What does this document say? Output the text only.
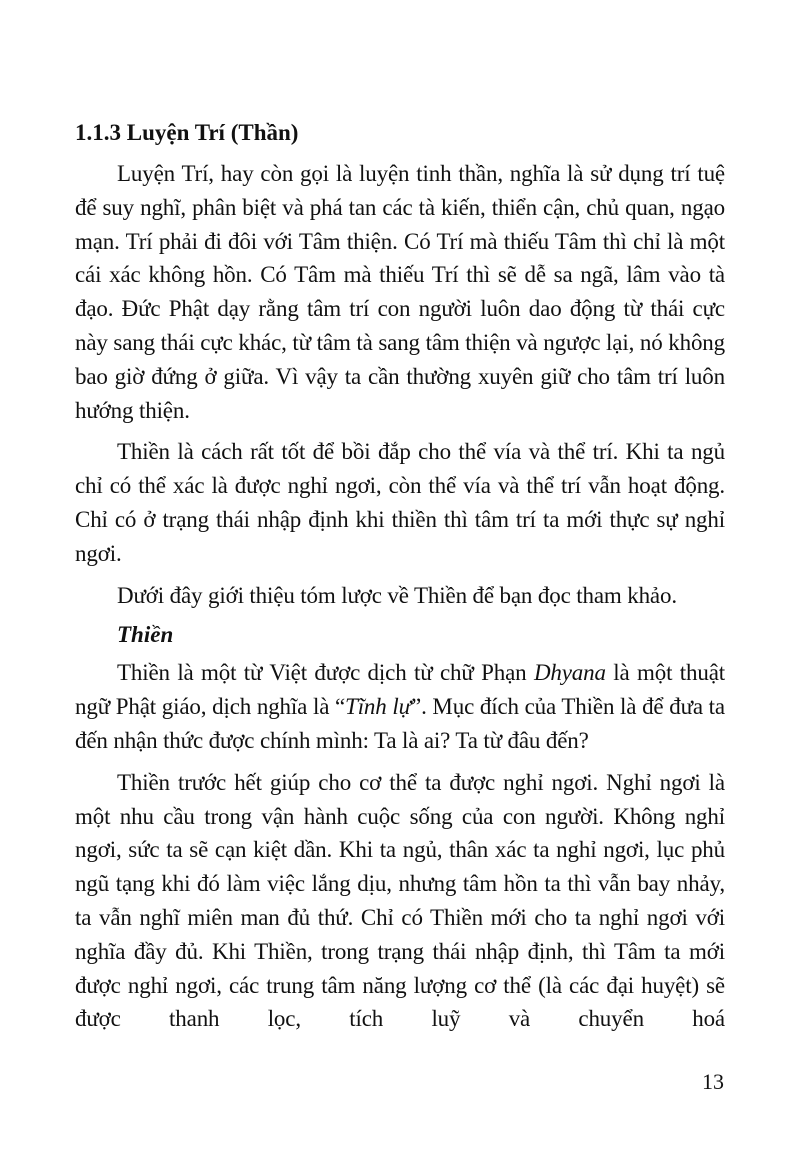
1.1.3 Luyện Trí (Thần)

Luyện Trí, hay còn gọi là luyện tinh thần, nghĩa là sử dụng trí tuệ để suy nghĩ, phân biệt và phá tan các tà kiến, thiển cận, chủ quan, ngạo mạn. Trí phải đi đôi với Tâm thiện. Có Trí mà thiếu Tâm thì chỉ là một cái xác không hồn. Có Tâm mà thiếu Trí thì sẽ dễ sa ngã, lâm vào tà đạo. Đức Phật dạy rằng tâm trí con người luôn dao động từ thái cực này sang thái cực khác, từ tâm tà sang tâm thiện và ngược lại, nó không bao giờ đứng ở giữa. Vì vậy ta cần thường xuyên giữ cho tâm trí luôn hướng thiện.

Thiền là cách rất tốt để bồi đắp cho thể vía và thể trí. Khi ta ngủ chỉ có thể xác là được nghỉ ngơi, còn thể vía và thể trí vẫn hoạt động. Chỉ có ở trạng thái nhập định khi thiền thì tâm trí ta mới thực sự nghỉ ngơi.

Dưới đây giới thiệu tóm lược về Thiền để bạn đọc tham khảo.

Thiền

Thiền là một từ Việt được dịch từ chữ Phạn Dhyana là một thuật ngữ Phật giáo, dịch nghĩa là “Tĩnh lự”. Mục đích của Thiền là để đưa ta đến nhận thức được chính mình: Ta là ai? Ta từ đâu đến?

Thiền trước hết giúp cho cơ thể ta được nghỉ ngơi. Nghỉ ngơi là một nhu cầu trong vận hành cuộc sống của con người. Không nghỉ ngơi, sức ta sẽ cạn kiệt dần. Khi ta ngủ, thân xác ta nghỉ ngơi, lục phủ ngũ tạng khi đó làm việc lắng dịu, nhưng tâm hồn ta thì vẫn bay nhảy, ta vẫn nghĩ miên man đủ thứ. Chỉ có Thiền mới cho ta nghỉ ngơi với nghĩa đầy đủ. Khi Thiền, trong trạng thái nhập định, thì Tâm ta mới được nghỉ ngơi, các trung tâm năng lượng cơ thể (là các đại huyệt) sẽ được thanh lọc, tích luỹ và chuyển hoá

13
